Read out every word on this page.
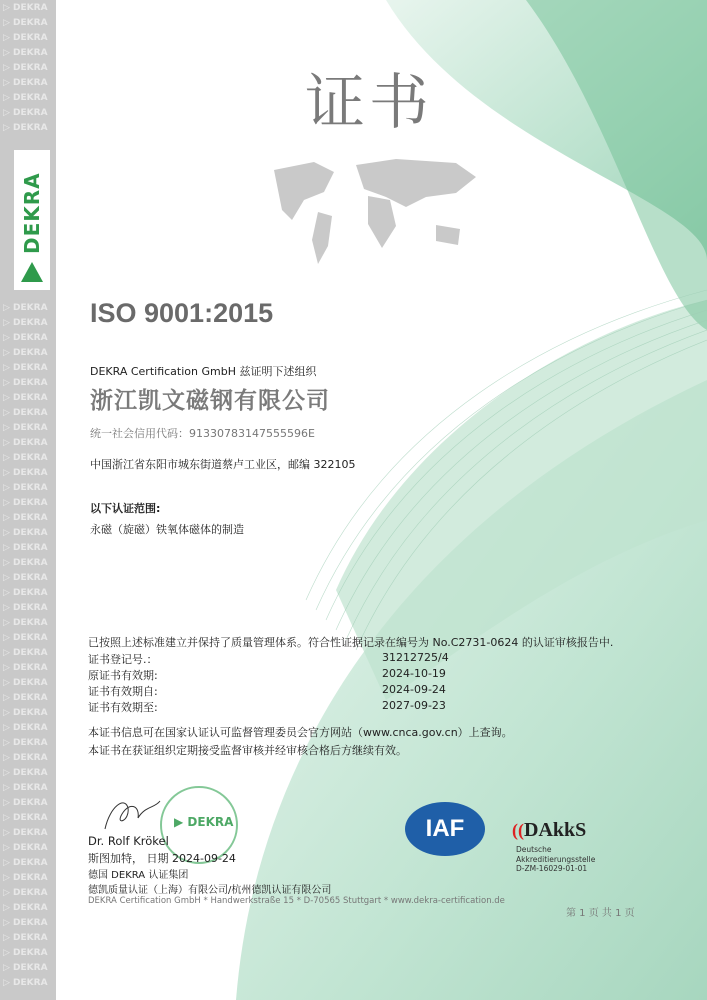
▷ DEKRA
▷ DEKRA
▷ DEKRA
▷ DEKRA
▷ DEKRA
▷ DEKRA
▷ DEKRA
▷ DEKRA
▷ DEKRA
▷ DEKRA
▷ DEKRA
▷ DEKRA
▷ DEKRA
▷ DEKRA
▷ DEKRA
▷ DEKRA
▷ DEKRA
▷ DEKRA
▷ DEKRA
▷ DEKRA
▷ DEKRA
▷ DEKRA
▷ DEKRA
▷ DEKRA
▷ DEKRA
▷ DEKRA
▷ DEKRA
▷ DEKRA
▷ DEKRA
▷ DEKRA
▷ DEKRA
▷ DEKRA
▷ DEKRA
▷ DEKRA
▷ DEKRA
▷ DEKRA
▷ DEKRA
▷ DEKRA
▷ DEKRA
▷ DEKRA
▷ DEKRA
▷ DEKRA
▷ DEKRA
▷ DEKRA
▷ DEKRA
▷ DEKRA
▷ DEKRA
▷ DEKRA
▷ DEKRA
▷ DEKRA
▷ DEKRA
▷ DEKRA
▷ DEKRA
▷ DEKRA
▷ DEKRA
DEKRA
证书
ISO 9001:2015
DEKRA Certification GmbH 兹证明下述组织
浙江凯文磁钢有限公司
统一社会信用代码：91330783147555596E
中国浙江省东阳市城东街道蔡卢工业区，邮编 322105
以下认证范围:
永磁（旋磁）铁氧体磁体的制造
已按照上述标准建立并保持了质量管理体系。符合性证据记录在编号为 No.C2731-0624 的认证审核报告中.
证书登记号.：	31212725/4
原证书有效期:	2024-10-19
证书有效期自:	2024-09-24
证书有效期至:	2027-09-23
本证书信息可在国家认证认可监督管理委员会官方网站（www.cnca.gov.cn）上查询。
本证书在获证组织定期接受监督审核并经审核合格后方继续有效。
▶ DEKRA
Dr. Rolf Krökel
斯图加特， 日期 2024-09-24
德国 DEKRA 认证集团
德凯质量认证（上海）有限公司/杭州德凯认证有限公司
DEKRA Certification GmbH * Handwerkstraße 15 * D-70565 Stuttgart * www.dekra-certification.de
第 1 页 共 1 页
IAF	((DAkkS
Deutsche
Akkreditierungsstelle
D-ZM-16029-01-01
